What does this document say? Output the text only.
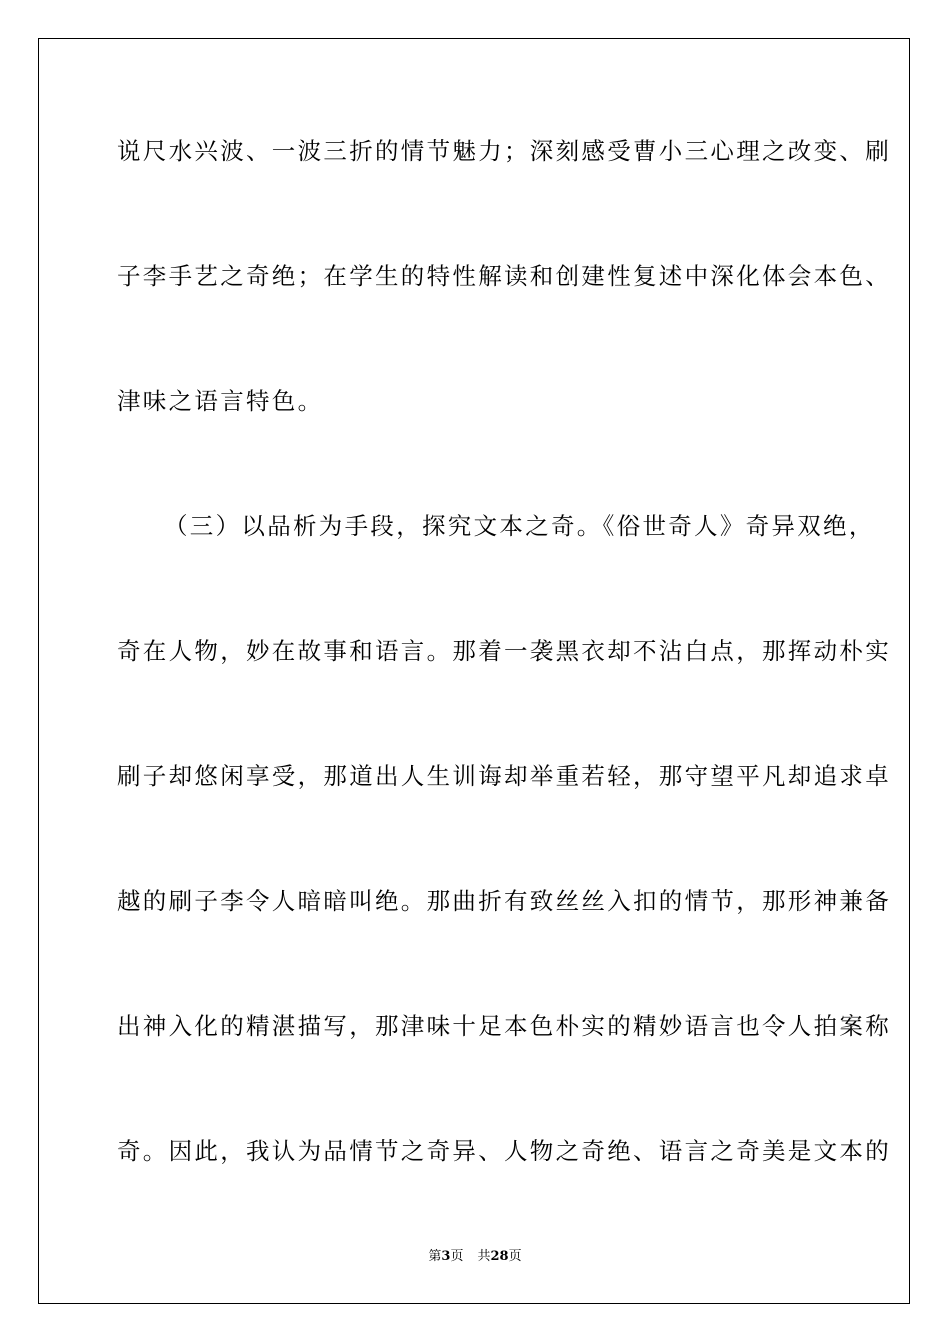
说尺水兴波、一波三折的情节魅力；深刻感受曹小三心理之改变、刷
子李手艺之奇绝；在学生的特性解读和创建性复述中深化体会本色、
津味之语言特色。
（三）以品析为手段，探究文本之奇。《俗世奇人》奇异双绝，
奇在人物，妙在故事和语言。那着一袭黑衣却不沾白点，那挥动朴实
刷子却悠闲享受，那道出人生训诲却举重若轻，那守望平凡却追求卓
越的刷子李令人暗暗叫绝。那曲折有致丝丝入扣的情节，那形神兼备
出神入化的精湛描写，那津味十足本色朴实的精妙语言也令人拍案称
奇。因此，我认为品情节之奇异、人物之奇绝、语言之奇美是文本的
第3页 共28页
